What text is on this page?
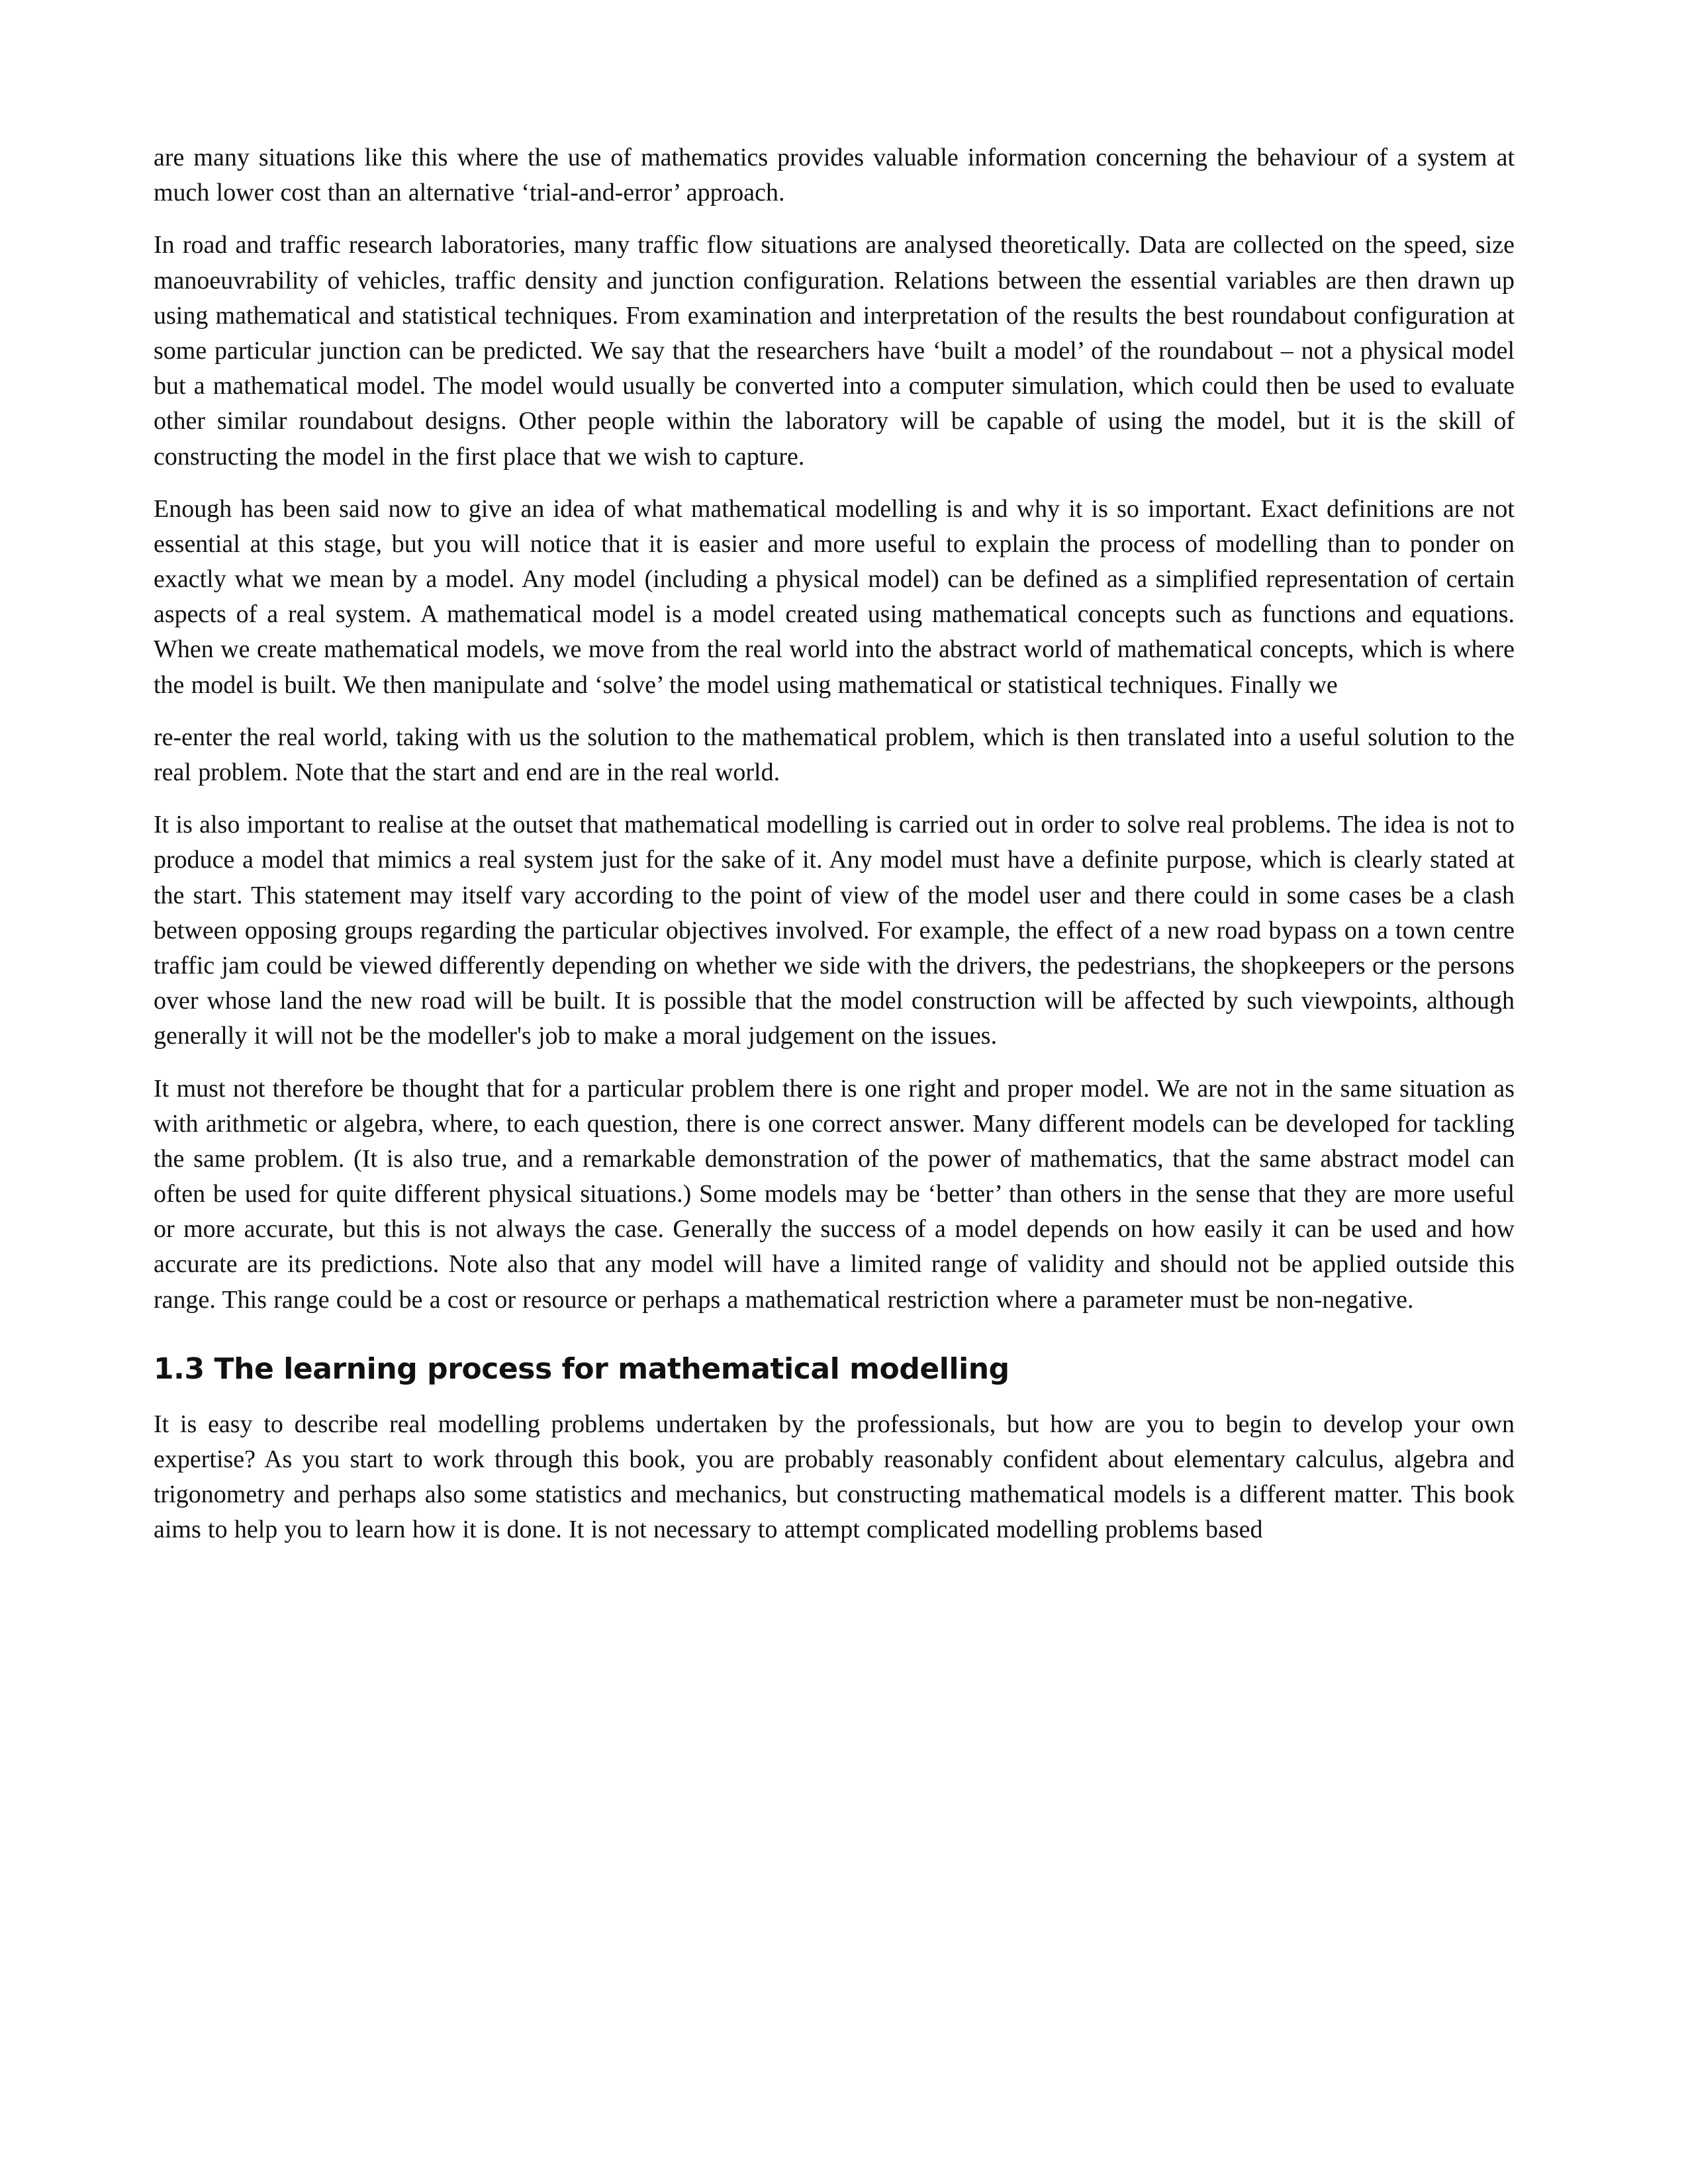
are many situations like this where the use of mathematics provides valuable information concerning the behaviour of a system at much lower cost than an alternative ‘trial-and-error’ approach.

In road and traffic research laboratories, many traffic flow situations are analysed theoretically. Data are collected on the speed, size manoeuvrability of vehicles, traffic density and junction configuration. Relations between the essential variables are then drawn up using mathematical and statistical techniques. From examination and interpretation of the results the best roundabout configuration at some particular junction can be predicted. We say that the researchers have ‘built a model’ of the roundabout – not a physical model but a mathematical model. The model would usually be converted into a computer simulation, which could then be used to evaluate other similar roundabout designs. Other people within the laboratory will be capable of using the model, but it is the skill of constructing the model in the first place that we wish to capture.

Enough has been said now to give an idea of what mathematical modelling is and why it is so important. Exact definitions are not essential at this stage, but you will notice that it is easier and more useful to explain the process of modelling than to ponder on exactly what we mean by a model. Any model (including a physical model) can be defined as a simplified representation of certain aspects of a real system. A mathematical model is a model created using mathematical concepts such as functions and equations. When we create mathematical models, we move from the real world into the abstract world of mathematical concepts, which is where the model is built. We then manipulate and ‘solve’ the model using mathematical or statistical techniques. Finally we

re-enter the real world, taking with us the solution to the mathematical problem, which is then translated into a useful solution to the real problem. Note that the start and end are in the real world.

It is also important to realise at the outset that mathematical modelling is carried out in order to solve real problems. The idea is not to produce a model that mimics a real system just for the sake of it. Any model must have a definite purpose, which is clearly stated at the start. This statement may itself vary according to the point of view of the model user and there could in some cases be a clash between opposing groups regarding the particular objectives involved. For example, the effect of a new road bypass on a town centre traffic jam could be viewed differently depending on whether we side with the drivers, the pedestrians, the shopkeepers or the persons over whose land the new road will be built. It is possible that the model construction will be affected by such viewpoints, although generally it will not be the modeller's job to make a moral judgement on the issues.

It must not therefore be thought that for a particular problem there is one right and proper model. We are not in the same situation as with arithmetic or algebra, where, to each question, there is one correct answer. Many different models can be developed for tackling the same problem. (It is also true, and a remarkable demonstration of the power of mathematics, that the same abstract model can often be used for quite different physical situations.) Some models may be ‘better’ than others in the sense that they are more useful or more accurate, but this is not always the case. Generally the success of a model depends on how easily it can be used and how accurate are its predictions. Note also that any model will have a limited range of validity and should not be applied outside this range. This range could be a cost or resource or perhaps a mathematical restriction where a parameter must be non-negative.

1.3 The learning process for mathematical modelling

It is easy to describe real modelling problems undertaken by the professionals, but how are you to begin to develop your own expertise? As you start to work through this book, you are probably reasonably confident about elementary calculus, algebra and trigonometry and perhaps also some statistics and mechanics, but constructing mathematical models is a different matter. This book aims to help you to learn how it is done. It is not necessary to attempt complicated modelling problems based
